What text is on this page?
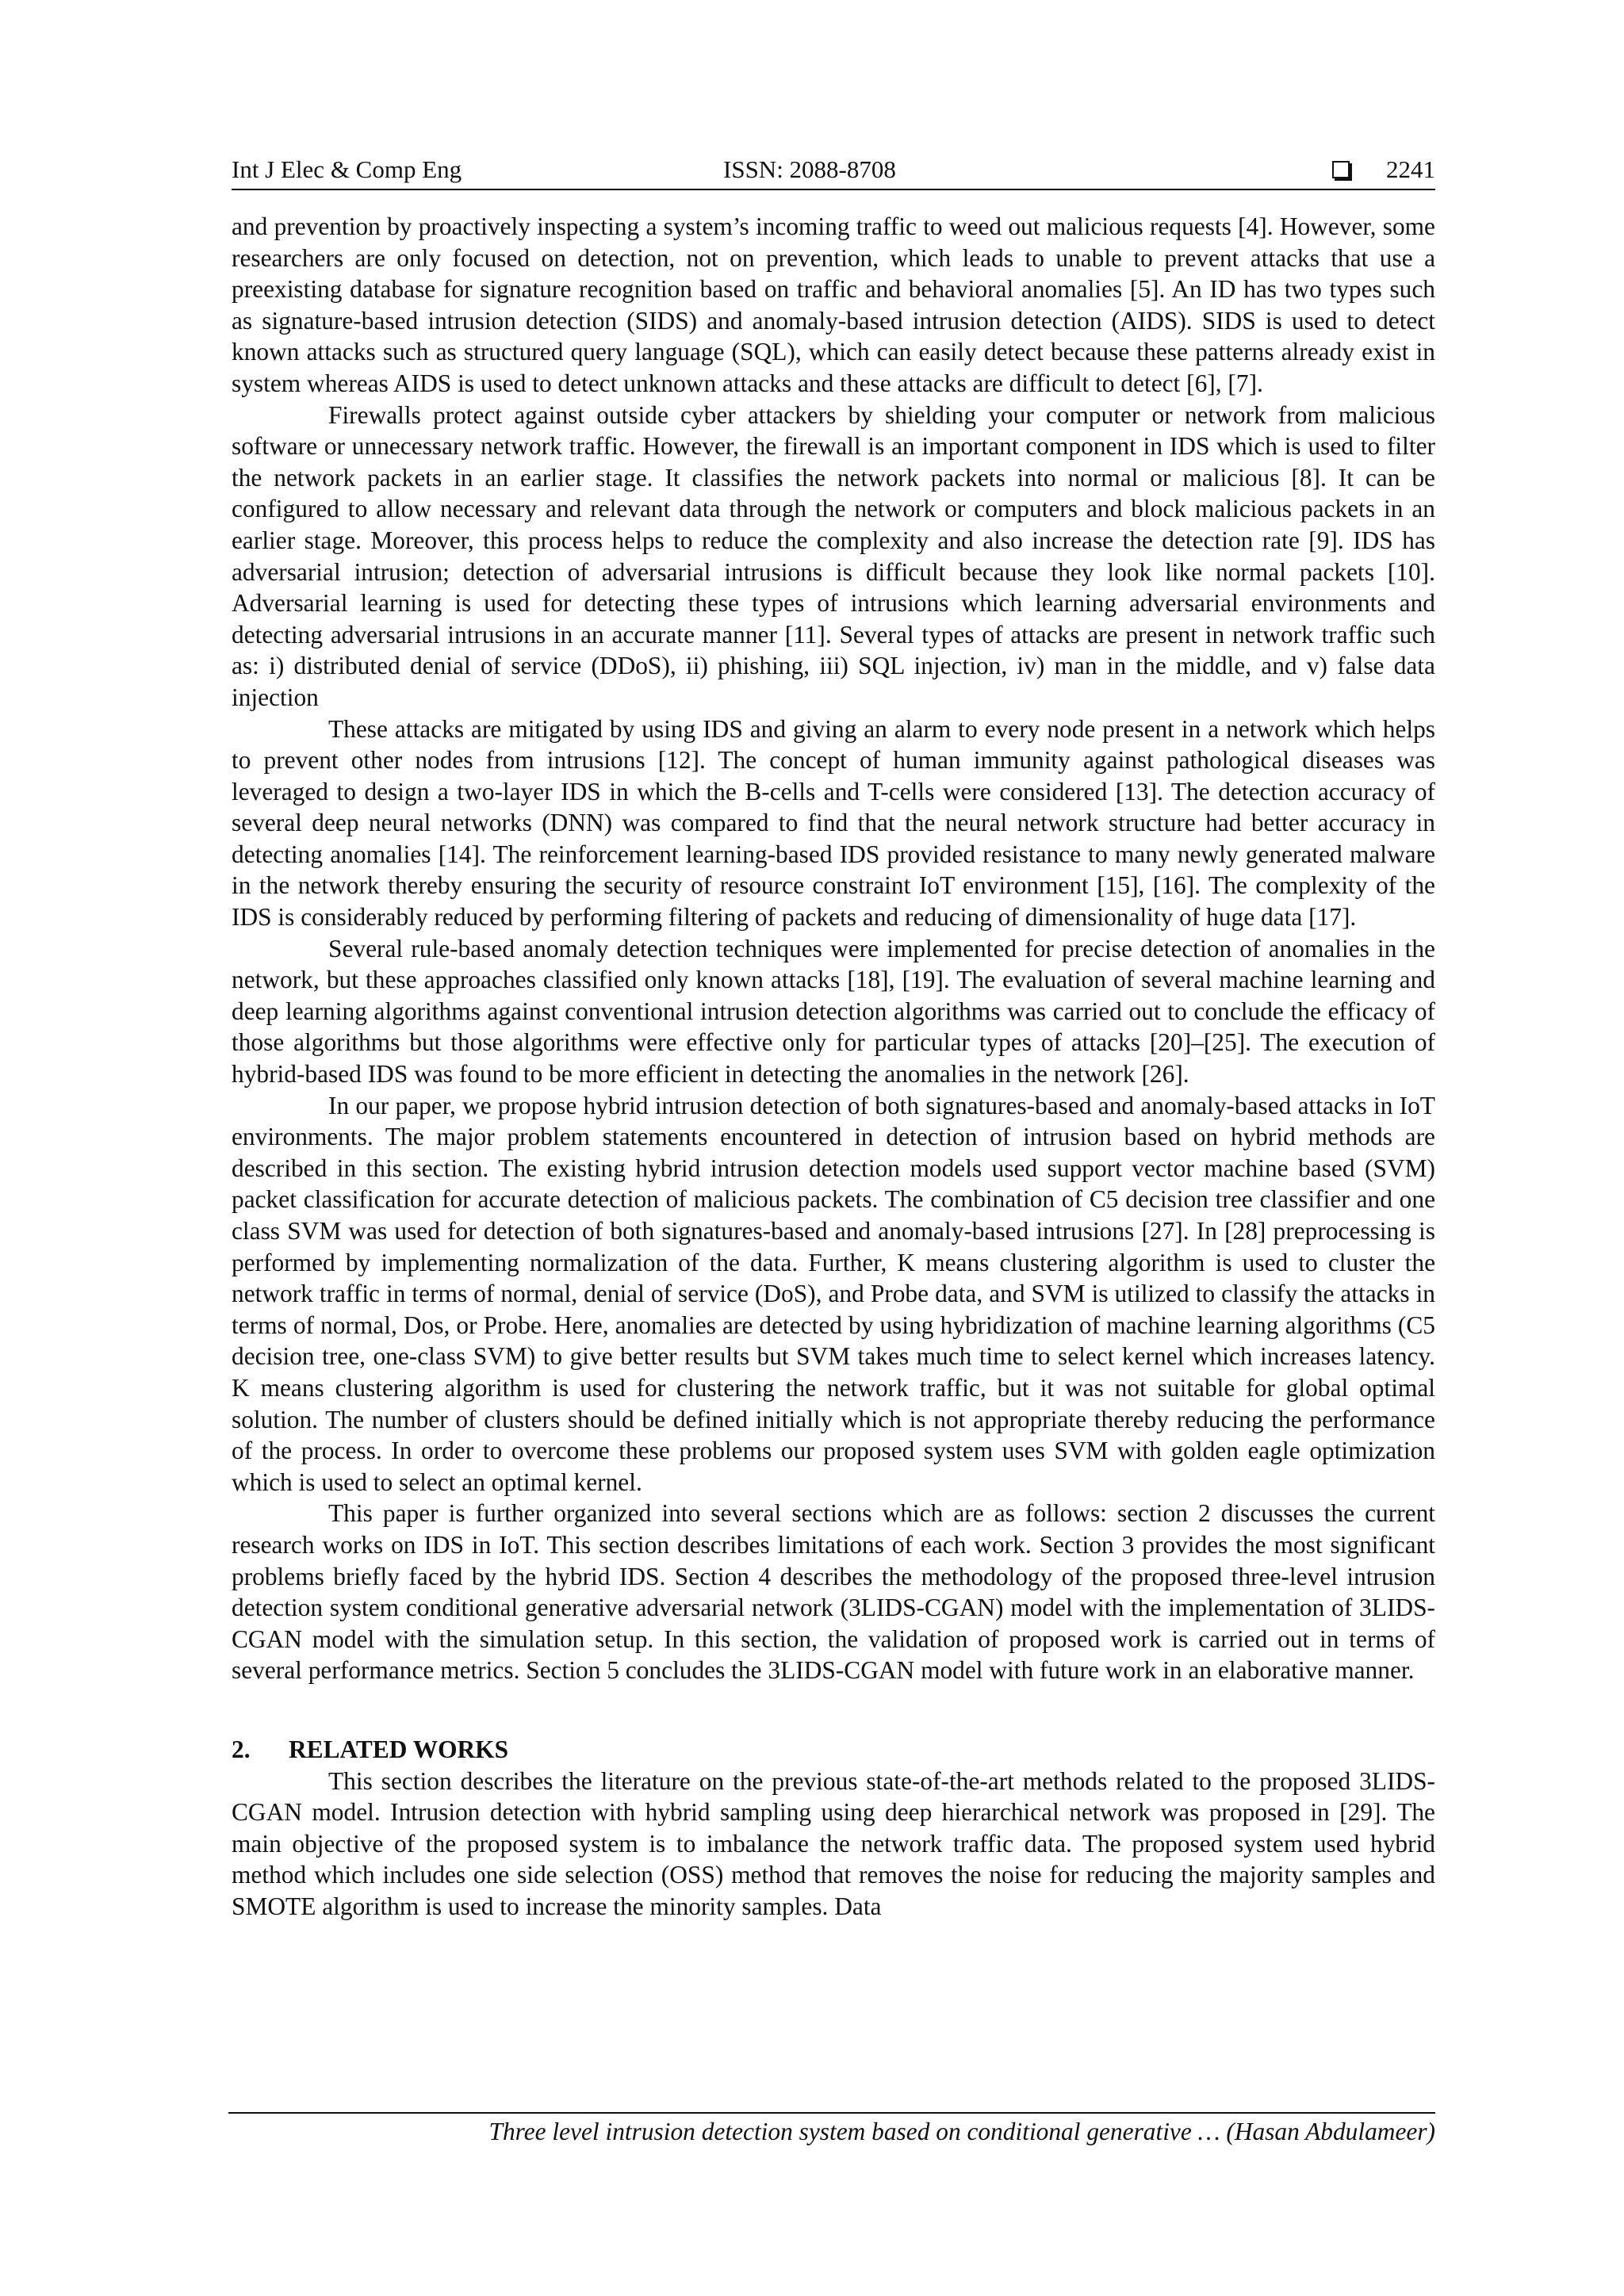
Int J Elec & Comp Eng	ISSN: 2088-8708	2241

and prevention by proactively inspecting a system’s incoming traffic to weed out malicious requests [4]. However, some researchers are only focused on detection, not on prevention, which leads to unable to prevent attacks that use a preexisting database for signature recognition based on traffic and behavioral anomalies [5]. An ID has two types such as signature-based intrusion detection (SIDS) and anomaly-based intrusion detection (AIDS). SIDS is used to detect known attacks such as structured query language (SQL), which can easily detect because these patterns already exist in system whereas AIDS is used to detect unknown attacks and these attacks are difficult to detect [6], [7].

Firewalls protect against outside cyber attackers by shielding your computer or network from malicious software or unnecessary network traffic. However, the firewall is an important component in IDS which is used to filter the network packets in an earlier stage. It classifies the network packets into normal or malicious [8]. It can be configured to allow necessary and relevant data through the network or computers and block malicious packets in an earlier stage. Moreover, this process helps to reduce the complexity and also increase the detection rate [9]. IDS has adversarial intrusion; detection of adversarial intrusions is difficult because they look like normal packets [10]. Adversarial learning is used for detecting these types of intrusions which learning adversarial environments and detecting adversarial intrusions in an accurate manner [11]. Several types of attacks are present in network traffic such as: i) distributed denial of service (DDoS), ii) phishing, iii) SQL injection, iv) man in the middle, and v) false data injection

These attacks are mitigated by using IDS and giving an alarm to every node present in a network which helps to prevent other nodes from intrusions [12]. The concept of human immunity against pathological diseases was leveraged to design a two-layer IDS in which the B-cells and T-cells were considered [13]. The detection accuracy of several deep neural networks (DNN) was compared to find that the neural network structure had better accuracy in detecting anomalies [14]. The reinforcement learning-based IDS provided resistance to many newly generated malware in the network thereby ensuring the security of resource constraint IoT environment [15], [16]. The complexity of the IDS is considerably reduced by performing filtering of packets and reducing of dimensionality of huge data [17].

Several rule-based anomaly detection techniques were implemented for precise detection of anomalies in the network, but these approaches classified only known attacks [18], [19]. The evaluation of several machine learning and deep learning algorithms against conventional intrusion detection algorithms was carried out to conclude the efficacy of those algorithms but those algorithms were effective only for particular types of attacks [20]–[25]. The execution of hybrid-based IDS was found to be more efficient in detecting the anomalies in the network [26].

In our paper, we propose hybrid intrusion detection of both signatures-based and anomaly-based attacks in IoT environments. The major problem statements encountered in detection of intrusion based on hybrid methods are described in this section. The existing hybrid intrusion detection models used support vector machine based (SVM) packet classification for accurate detection of malicious packets. The combination of C5 decision tree classifier and one class SVM was used for detection of both signatures-based and anomaly-based intrusions [27]. In [28] preprocessing is performed by implementing normalization of the data. Further, K means clustering algorithm is used to cluster the network traffic in terms of normal, denial of service (DoS), and Probe data, and SVM is utilized to classify the attacks in terms of normal, Dos, or Probe. Here, anomalies are detected by using hybridization of machine learning algorithms (C5 decision tree, one-class SVM) to give better results but SVM takes much time to select kernel which increases latency. K means clustering algorithm is used for clustering the network traffic, but it was not suitable for global optimal solution. The number of clusters should be defined initially which is not appropriate thereby reducing the performance of the process. In order to overcome these problems our proposed system uses SVM with golden eagle optimization which is used to select an optimal kernel.

This paper is further organized into several sections which are as follows: section 2 discusses the current research works on IDS in IoT. This section describes limitations of each work. Section 3 provides the most significant problems briefly faced by the hybrid IDS. Section 4 describes the methodology of the proposed three-level intrusion detection system conditional generative adversarial network (3LIDS-CGAN) model with the implementation of 3LIDS-CGAN model with the simulation setup. In this section, the validation of proposed work is carried out in terms of several performance metrics. Section 5 concludes the 3LIDS-CGAN model with future work in an elaborative manner.

2.	RELATED WORKS

This section describes the literature on the previous state-of-the-art methods related to the proposed 3LIDS-CGAN model. Intrusion detection with hybrid sampling using deep hierarchical network was proposed in [29]. The main objective of the proposed system is to imbalance the network traffic data. The proposed system used hybrid method which includes one side selection (OSS) method that removes the noise for reducing the majority samples and SMOTE algorithm is used to increase the minority samples. Data

Three level intrusion detection system based on conditional generative … (Hasan Abdulameer)
